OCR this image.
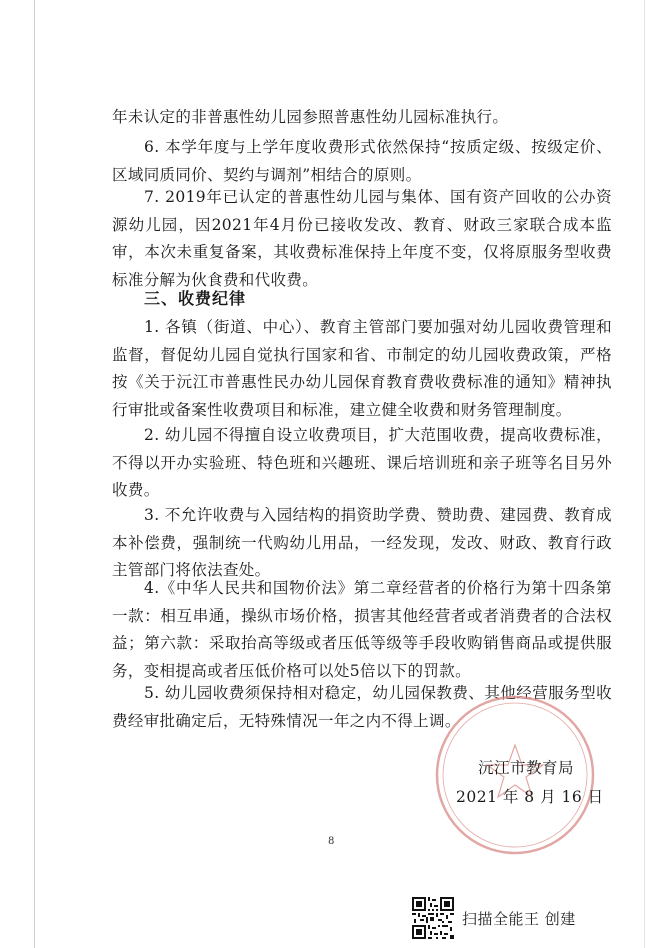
年未认定的非普惠性幼儿园参照普惠性幼儿园标准执行。

6. 本学年度与上学年度收费形式依然保持“按质定级、按级定价、区域同质同价、契约与调剂”相结合的原则。

7. 2019年已认定的普惠性幼儿园与集体、国有资产回收的公办资源幼儿园，因2021年4月份已接收发改、教育、财政三家联合成本监审，本次未重复备案，其收费标准保持上年度不变，仅将原服务型收费标准分解为伙食费和代收费。

三、收费纪律

1. 各镇（街道、中心）、教育主管部门要加强对幼儿园收费管理和监督，督促幼儿园自觉执行国家和省、市制定的幼儿园收费政策，严格按《关于沅江市普惠性民办幼儿园保育教育费收费标准的通知》精神执行审批或备案性收费项目和标准，建立健全收费和财务管理制度。

2. 幼儿园不得擅自设立收费项目，扩大范围收费，提高收费标准，不得以开办实验班、特色班和兴趣班、课后培训班和亲子班等名目另外收费。

3. 不允许收费与入园结构的捐资助学费、赞助费、建园费、教育成本补偿费，强制统一代购幼儿用品，一经发现，发改、财政、教育行政主管部门将依法查处。

4.《中华人民共和国物价法》第二章经营者的价格行为第十四条第一款：相互串通，操纵市场价格，损害其他经营者或者消费者的合法权益；第六款：采取抬高等级或者压低等级等手段收购销售商品或提供服务，变相提高或者压低价格可以处5倍以下的罚款。

5. 幼儿园收费须保持相对稳定，幼儿园保教费、其他经营服务型收费经审批确定后，无特殊情况一年之内不得上调。

沅江市教育局

2021 年 8 月 16 日

8

扫描全能王 创建
